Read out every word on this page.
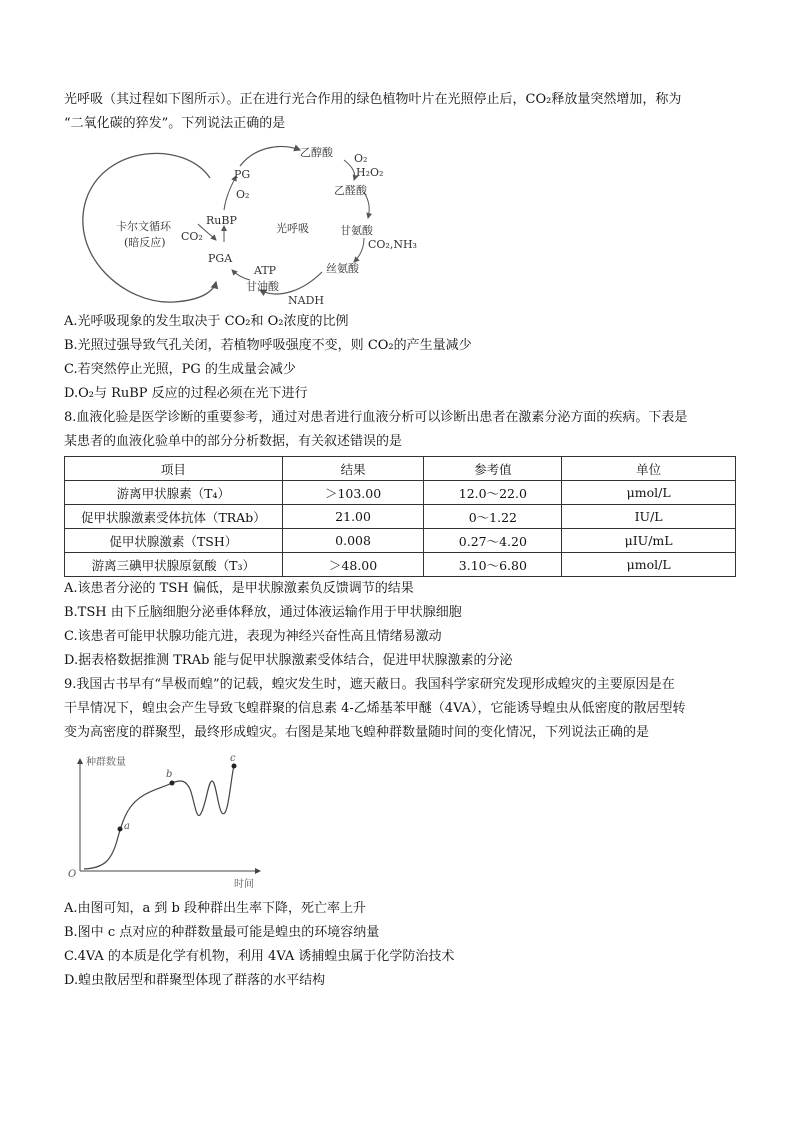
光呼吸（其过程如下图所示）。正在进行光合作用的绿色植物叶片在光照停止后，CO₂释放量突然增加，称为
“二氧化碳的猝发”。下列说法正确的是
卡尔文循环
(暗反应)
PG
O₂
RuBP
CO₂
PGA
ATP
甘油酸
NADH
光呼吸
乙醇酸 O₂
H₂O₂
乙醛酸
甘氨酸
CO₂,NH₃
丝氨酸
A.光呼吸现象的发生取决于 CO₂和 O₂浓度的比例
B.光照过强导致气孔关闭，若植物呼吸强度不变，则 CO₂的产生量减少
C.若突然停止光照，PG 的生成量会减少
D.O₂与 RuBP 反应的过程必须在光下进行
8.血液化验是医学诊断的重要参考，通过对患者进行血液分析可以诊断出患者在激素分泌方面的疾病。下表是
某患者的血液化验单中的部分分析数据，有关叙述错误的是
项目	结果	参考值	单位
游离甲状腺素（T₄）	＞103.00	12.0～22.0	μmol/L
促甲状腺激素受体抗体（TRAb）	21.00	0～1.22	IU/L
促甲状腺激素（TSH）	0.008	0.27～4.20	μIU/mL
游离三碘甲状腺原氨酸（T₃）	＞48.00	3.10～6.80	μmol/L
A.该患者分泌的 TSH 偏低，是甲状腺激素负反馈调节的结果
B.TSH 由下丘脑细胞分泌垂体释放，通过体液运输作用于甲状腺细胞
C.该患者可能甲状腺功能亢进，表现为神经兴奋性高且情绪易激动
D.据表格数据推测 TRAb 能与促甲状腺激素受体结合，促进甲状腺激素的分泌
9.我国古书早有“旱极而蝗”的记载，蝗灾发生时，遮天蔽日。我国科学家研究发现形成蝗灾的主要原因是在
干旱情况下，蝗虫会产生导致飞蝗群聚的信息素 4-乙烯基苯甲醚（4VA），它能诱导蝗虫从低密度的散居型转
变为高密度的群聚型，最终形成蝗灾。右图是某地飞蝗种群数量随时间的变化情况，下列说法正确的是
种群数量
时间
O
a
b
c
A.由图可知，a 到 b 段种群出生率下降，死亡率上升
B.图中 c 点对应的种群数量最可能是蝗虫的环境容纳量
C.4VA 的本质是化学有机物，利用 4VA 诱捕蝗虫属于化学防治技术
D.蝗虫散居型和群聚型体现了群落的水平结构
